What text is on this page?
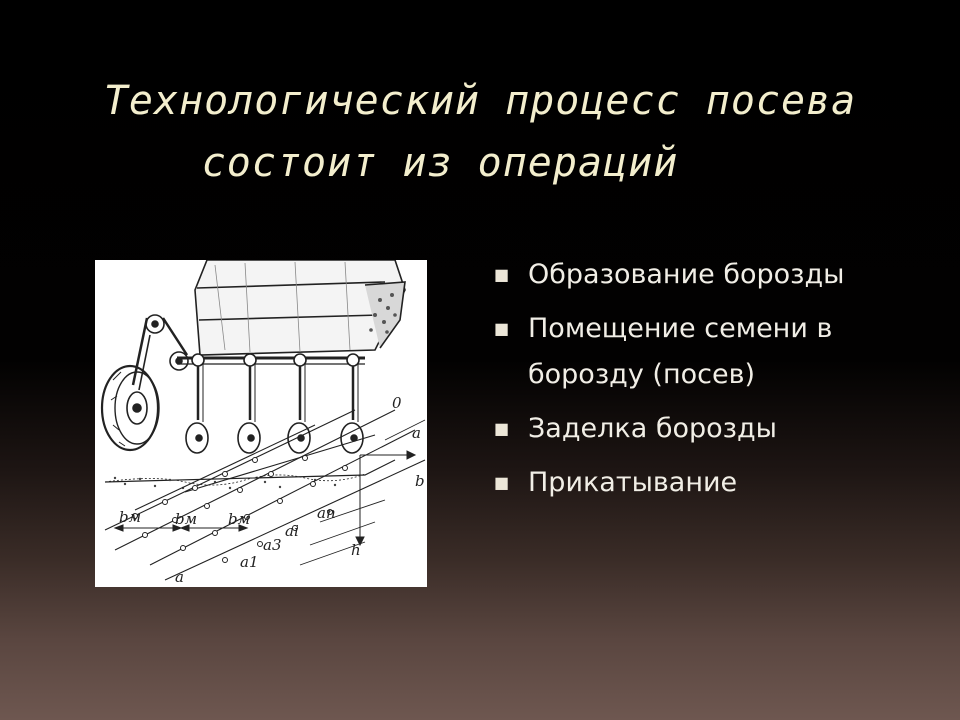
Технологический процесс посева
состоит из операций
0
a
b
h
bм bм bм	an
ai
a3
a1
a
■ Образование борозды
■ Помещение семени в борозду (посев)
■ Заделка борозды
■ Прикатывание
